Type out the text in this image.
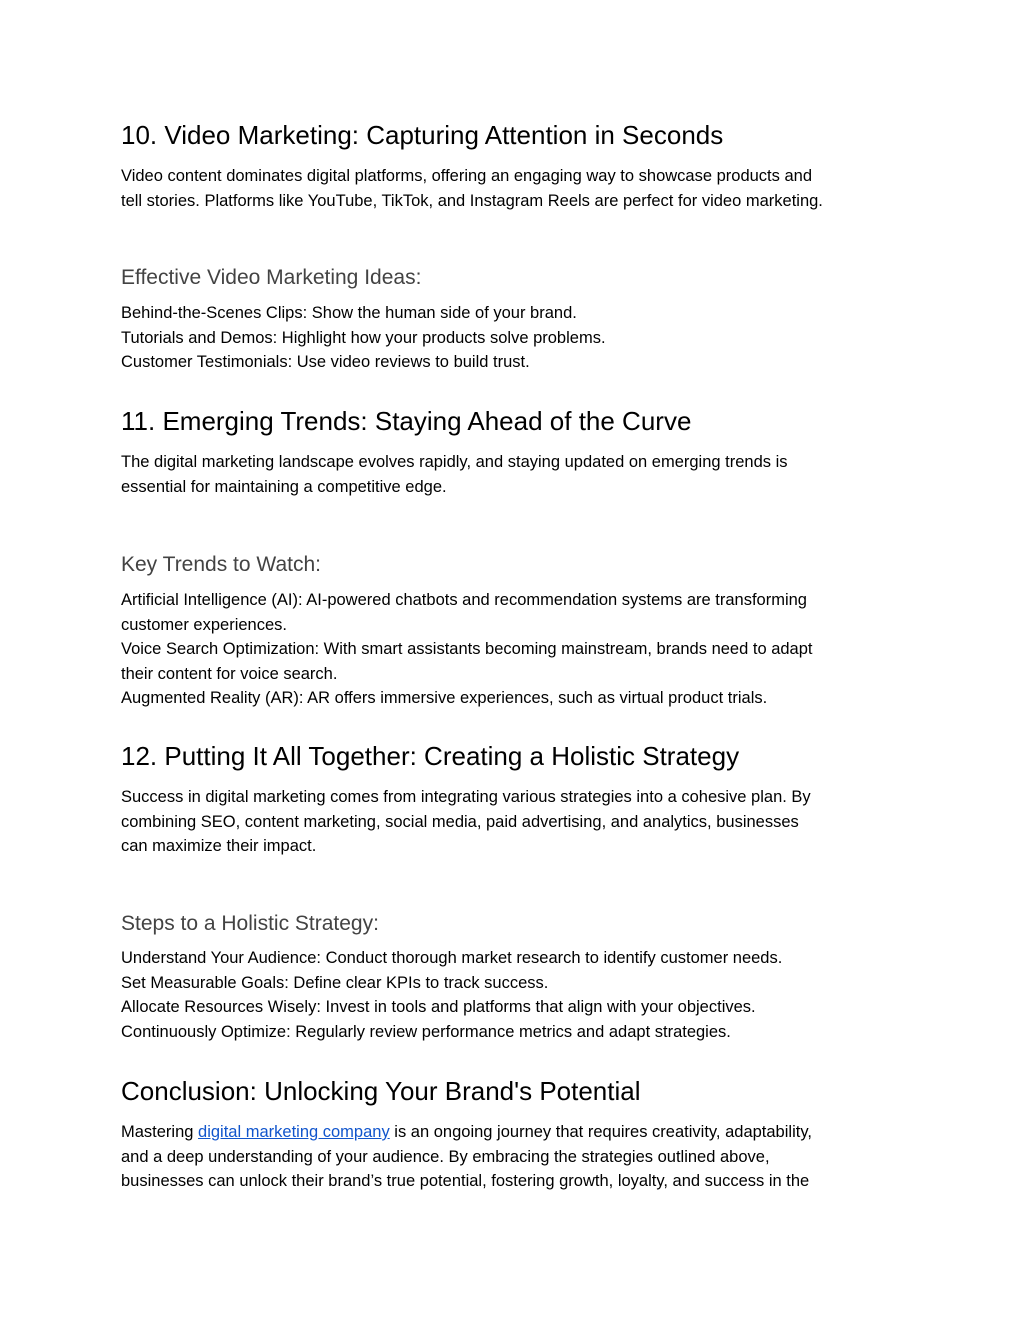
10. Video Marketing: Capturing Attention in Seconds
Video content dominates digital platforms, offering an engaging way to showcase products and
tell stories. Platforms like YouTube, TikTok, and Instagram Reels are perfect for video marketing.
Effective Video Marketing Ideas:
Behind-the-Scenes Clips: Show the human side of your brand.
Tutorials and Demos: Highlight how your products solve problems.
Customer Testimonials: Use video reviews to build trust.
11. Emerging Trends: Staying Ahead of the Curve
The digital marketing landscape evolves rapidly, and staying updated on emerging trends is
essential for maintaining a competitive edge.
Key Trends to Watch:
Artificial Intelligence (AI): AI-powered chatbots and recommendation systems are transforming
customer experiences.
Voice Search Optimization: With smart assistants becoming mainstream, brands need to adapt
their content for voice search.
Augmented Reality (AR): AR offers immersive experiences, such as virtual product trials.
12. Putting It All Together: Creating a Holistic Strategy
Success in digital marketing comes from integrating various strategies into a cohesive plan. By
combining SEO, content marketing, social media, paid advertising, and analytics, businesses
can maximize their impact.
Steps to a Holistic Strategy:
Understand Your Audience: Conduct thorough market research to identify customer needs.
Set Measurable Goals: Define clear KPIs to track success.
Allocate Resources Wisely: Invest in tools and platforms that align with your objectives.
Continuously Optimize: Regularly review performance metrics and adapt strategies.
Conclusion: Unlocking Your Brand's Potential
Mastering digital marketing company is an ongoing journey that requires creativity, adaptability,
and a deep understanding of your audience. By embracing the strategies outlined above,
businesses can unlock their brand’s true potential, fostering growth, loyalty, and success in the
